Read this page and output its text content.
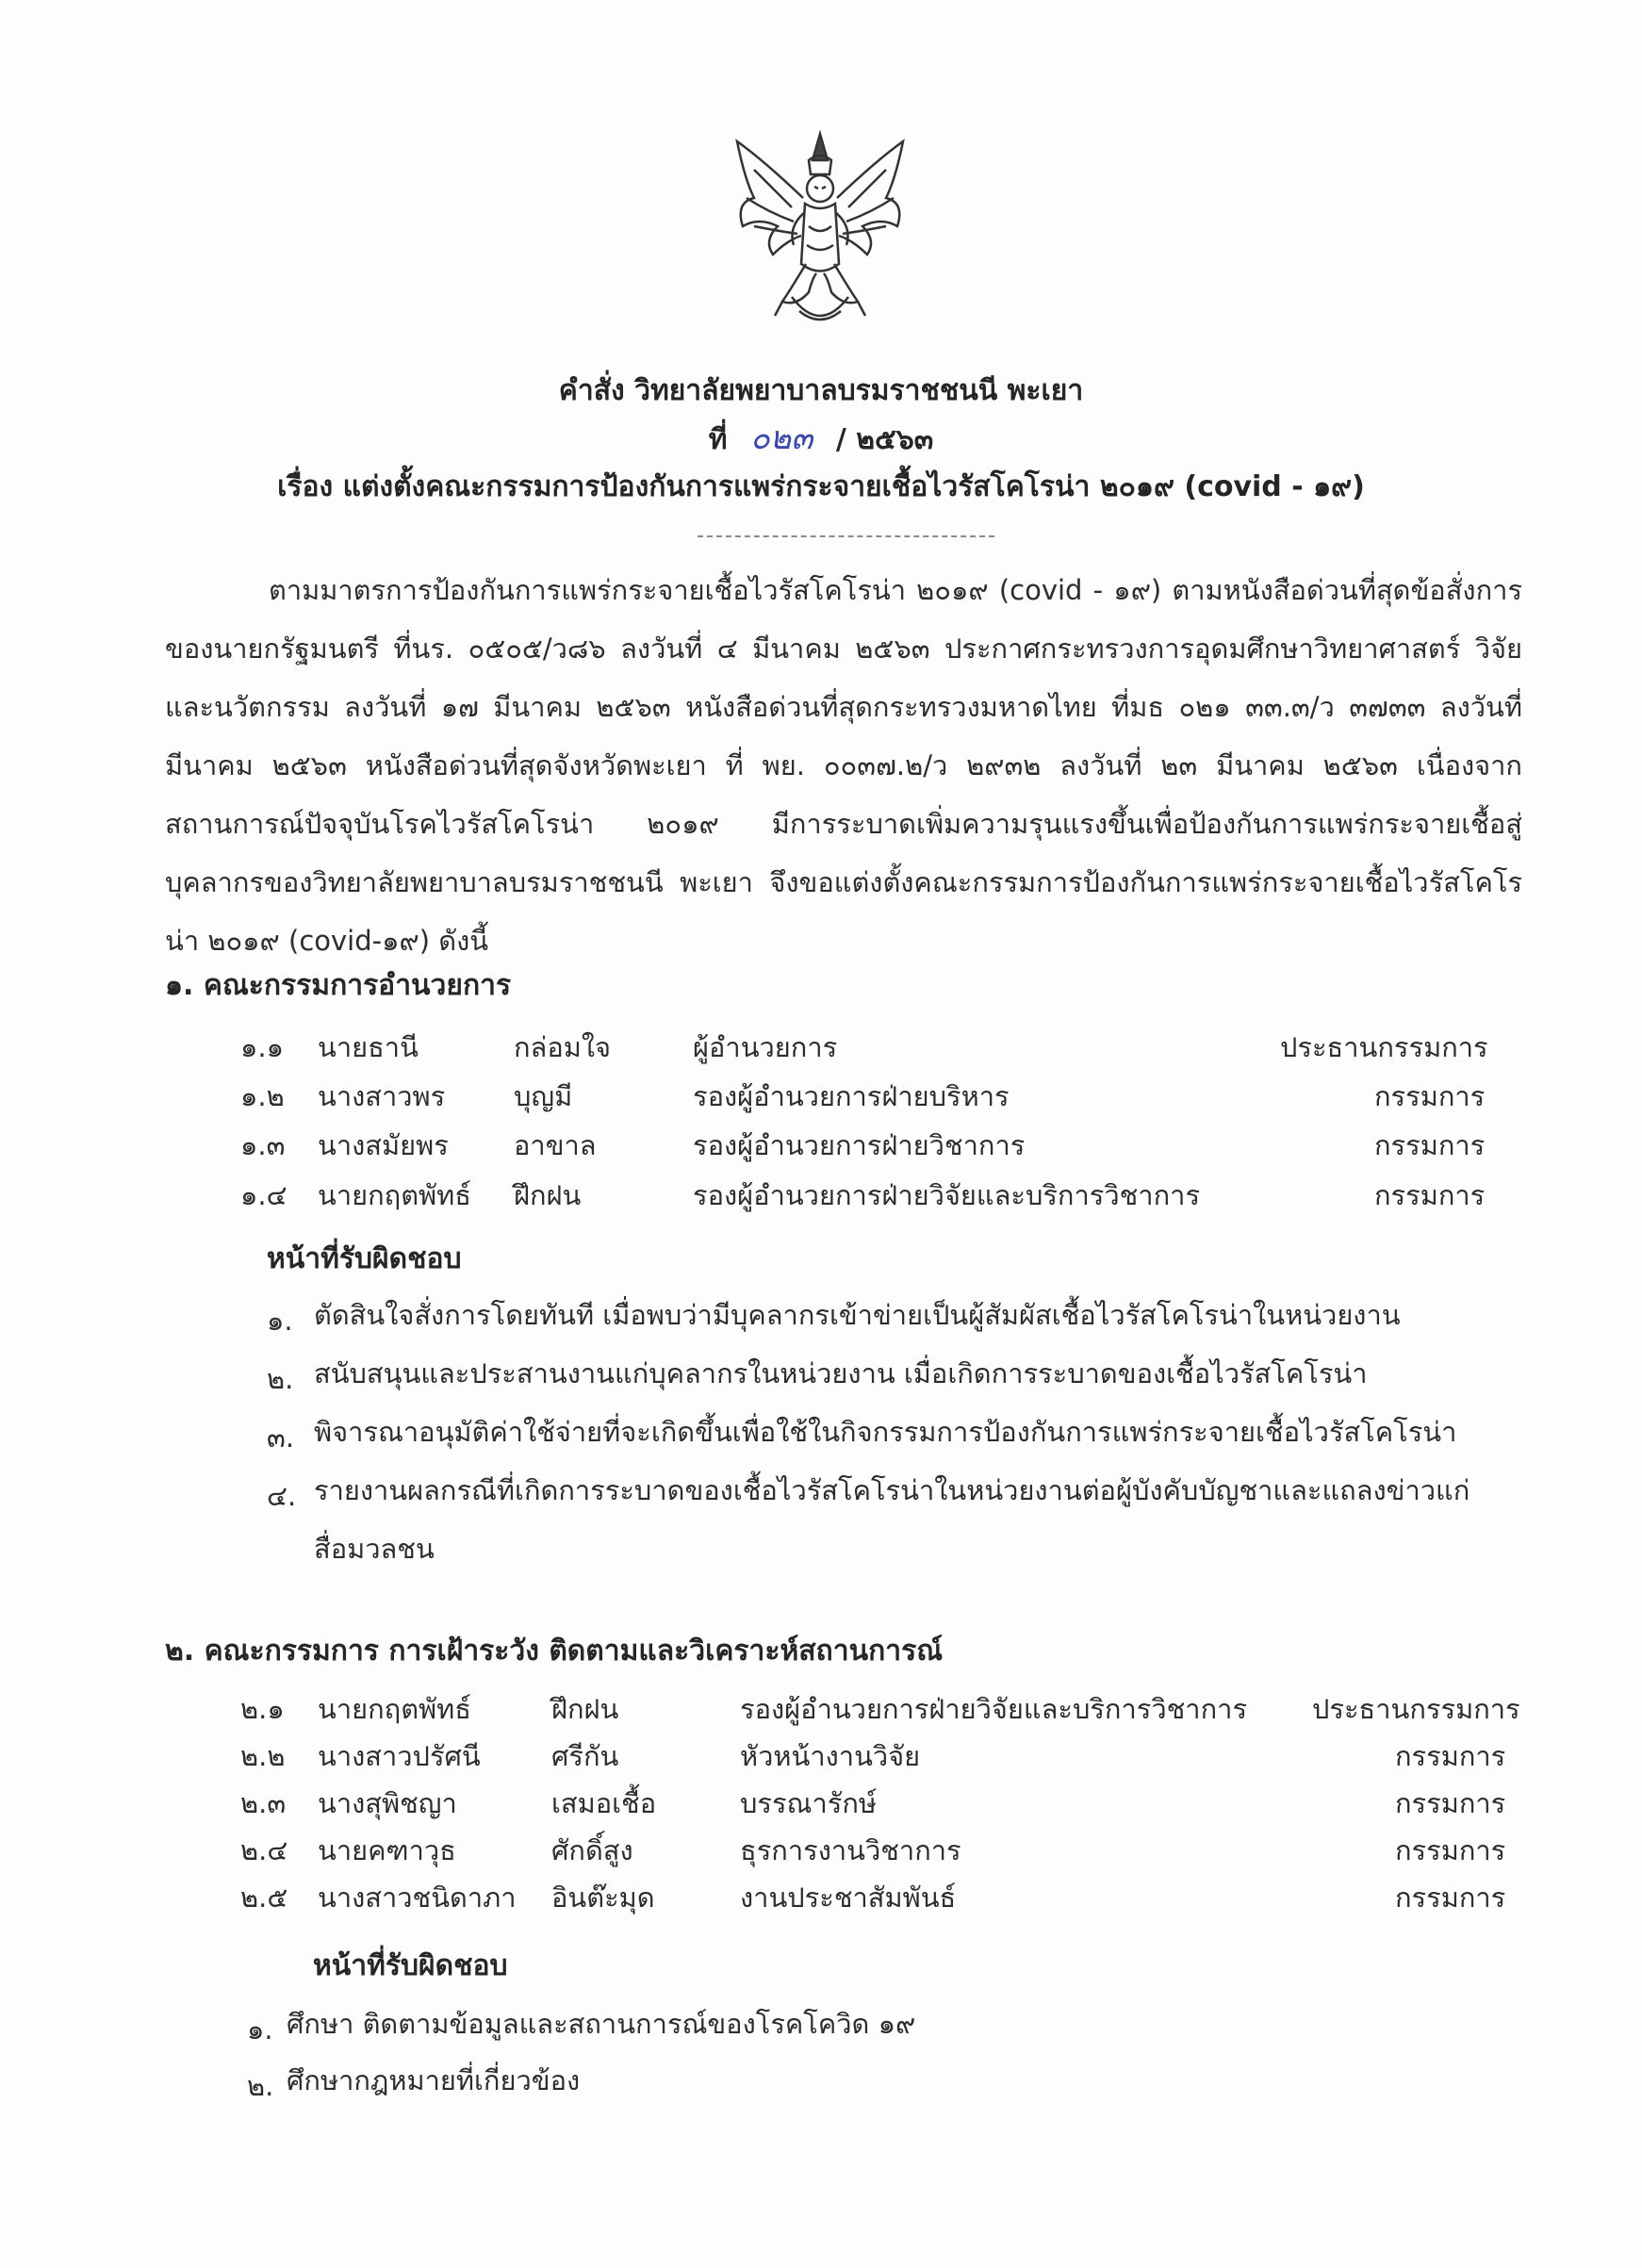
คำสั่ง วิทยาลัยพยาบาลบรมราชชนนี พะเยา
ที่ ๐๒๓ / ๒๕๖๓
เรื่อง แต่งตั้งคณะกรรมการป้องกันการแพร่กระจายเชื้อไวรัสโคโรน่า ๒๐๑๙ (covid - ๑๙)
ตามมาตรการป้องกันการแพร่กระจายเชื้อไวรัสโคโรน่า ๒๐๑๙ (covid - ๑๙) ตามหนังสือด่วนที่สุดข้อสั่งการของนายกรัฐมนตรี ที่นร. ๐๕๐๕/ว๘๖ ลงวันที่ ๔ มีนาคม ๒๕๖๓ ประกาศกระทรวงการอุดมศึกษาวิทยาศาสตร์ วิจัยและนวัตกรรม ลงวันที่ ๑๗ มีนาคม ๒๕๖๓ หนังสือด่วนที่สุดกระทรวงมหาดไทย ที่มธ ๐๒๑ ๓๓.๓/ว ๓๗๓๓ ลงวันที่ มีนาคม ๒๕๖๓ หนังสือด่วนที่สุดจังหวัดพะเยา ที่ พย. ๐๐๓๗.๒/ว ๒๙๓๒ ลงวันที่ ๒๓ มีนาคม ๒๕๖๓ เนื่องจากสถานการณ์ปัจจุบันโรคไวรัสโคโรน่า ๒๐๑๙ มีการระบาดเพิ่มความรุนแรงขึ้นเพื่อป้องกันการแพร่กระจายเชื้อสู่บุคลากรของวิทยาลัยพยาบาลบรมราชชนนี พะเยา จึงขอแต่งตั้งคณะกรรมการป้องกันการแพร่กระจายเชื้อไวรัสโคโรน่า ๒๐๑๙ (covid-๑๙) ดังนี้
๑. คณะกรรมการอำนวยการ
๑.๑ นายธานี	กล่อมใจ	ผู้อำนวยการ	ประธานกรรมการ
๑.๒ นางสาวพร	บุญมี	รองผู้อำนวยการฝ่ายบริหาร	กรรมการ
๑.๓ นางสมัยพร อาขาล	รองผู้อำนวยการฝ่ายวิชาการ	กรรมการ
๑.๔ นายกฤตพัทธ์ ฝึกฝน	รองผู้อำนวยการฝ่ายวิจัยและบริการวิชาการ	กรรมการ
หน้าที่รับผิดชอบ
๑. ตัดสินใจสั่งการโดยทันที เมื่อพบว่ามีบุคลากรเข้าข่ายเป็นผู้สัมผัสเชื้อไวรัสโคโรน่าในหน่วยงาน
๒. สนับสนุนและประสานงานแก่บุคลากรในหน่วยงาน เมื่อเกิดการระบาดของเชื้อไวรัสโคโรน่า
๓. พิจารณาอนุมัติค่าใช้จ่ายที่จะเกิดขึ้นเพื่อใช้ในกิจกรรมการป้องกันการแพร่กระจายเชื้อไวรัสโคโรน่า
๔. รายงานผลกรณีที่เกิดการระบาดของเชื้อไวรัสโคโรน่าในหน่วยงานต่อผู้บังคับบัญชาและแถลงข่าวแก่สื่อมวลชน
๒. คณะกรรมการ การเฝ้าระวัง ติดตามและวิเคราะห์สถานการณ์
๒.๑ นายกฤตพัทธ์	ฝึกฝน	รองผู้อำนวยการฝ่ายวิจัยและบริการวิชาการ ประธานกรรมการ
๒.๒ นางสาวปรัศนี	ศรีกัน	หัวหน้างานวิจัย	กรรมการ
๒.๓ นางสุพิชญา	เสมอเชื้อ	บรรณารักษ์	กรรมการ
๒.๔ นายคฑาวุธ	ศักดิ์สูง	ธุรการงานวิชาการ	กรรมการ
๒.๕ นางสาวชนิดาภา อินต๊ะมุด	งานประชาสัมพันธ์	กรรมการ
หน้าที่รับผิดชอบ
๑. ศึกษา ติดตามข้อมูลและสถานการณ์ของโรคโควิด ๑๙
๒. ศึกษากฎหมายที่เกี่ยวข้อง
